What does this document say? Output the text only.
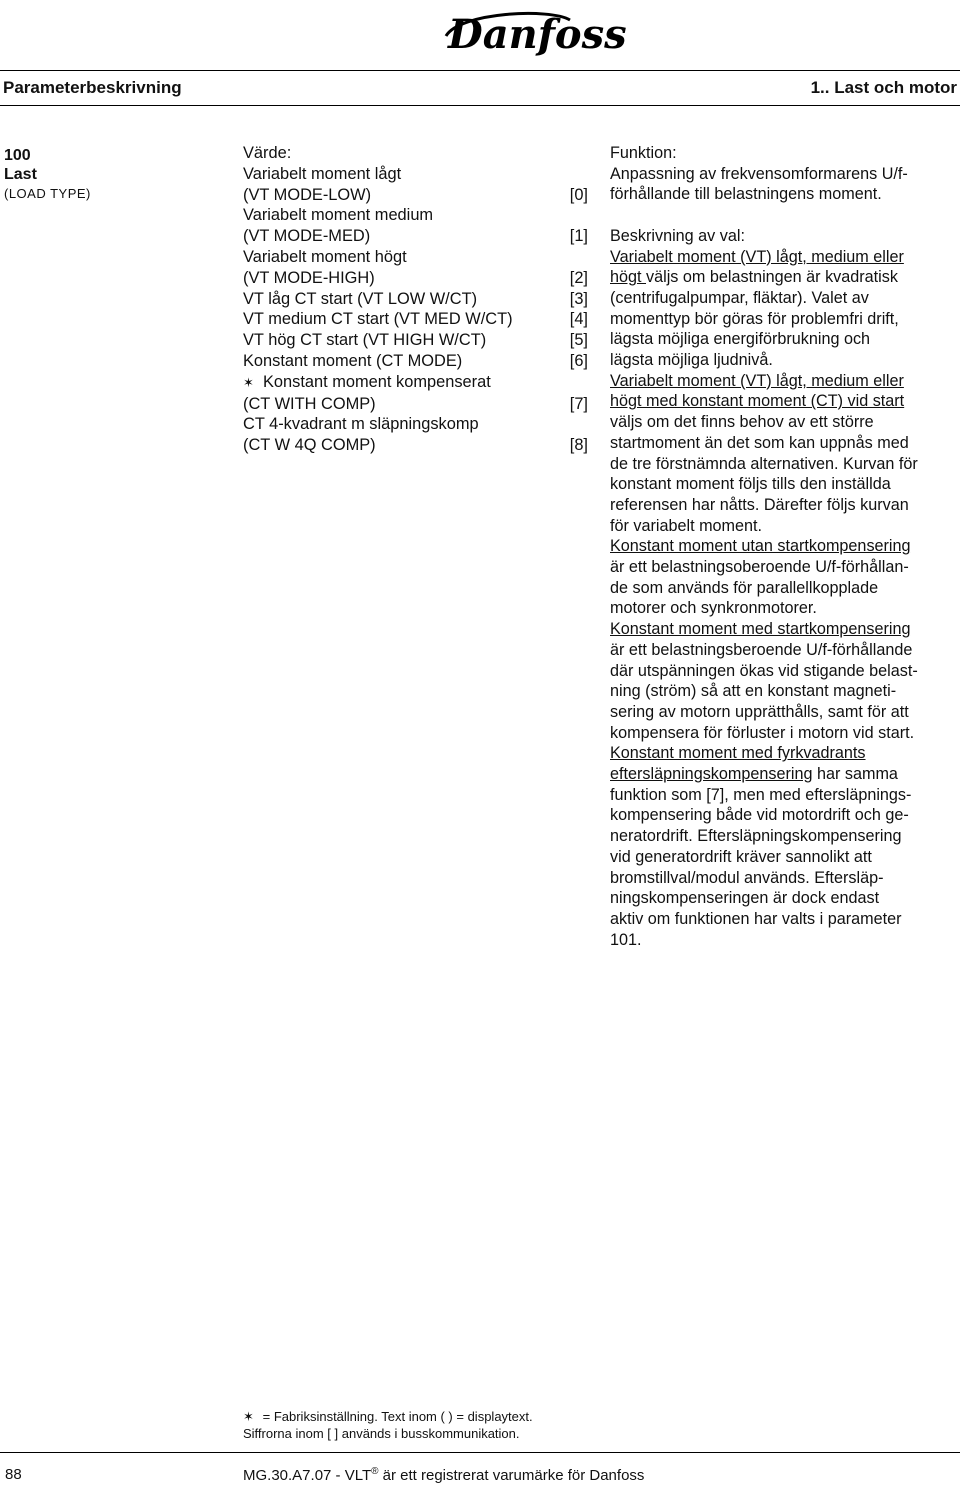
Danfoss
Parameterbeskrivning	1.. Last och motor
100
Last
(LOAD TYPE)
Värde:
Variabelt moment lågt
(VT MODE-LOW)	[0]
Variabelt moment medium
(VT MODE-MED)	[1]
Variabelt moment högt
(VT MODE-HIGH)	[2]
VT låg CT start (VT LOW W/CT)	[3]
VT medium CT start (VT MED W/CT)	[4]
VT hög CT start (VT HIGH W/CT)	[5]
Konstant moment (CT MODE)	[6]
✶ Konstant moment kompenserat
(CT WITH COMP)	[7]
CT 4-kvadrant m släpningskomp
(CT W 4Q COMP)	[8]
Funktion:
Anpassning av frekvensomformarens U/f-
förhållande till belastningens moment.
Beskrivning av val:
Variabelt moment (VT) lågt, medium eller
högt väljs om belastningen är kvadratisk
(centrifugalpumpar, fläktar). Valet av
momenttyp bör göras för problemfri drift,
lägsta möjliga energiförbrukning och
lägsta möjliga ljudnivå.
Variabelt moment (VT) lågt, medium eller
högt med konstant moment (CT) vid start
väljs om det finns behov av ett större
startmoment än det som kan uppnås med
de tre förstnämnda alternativen. Kurvan för
konstant moment följs tills den inställda
referensen har nåtts. Därefter följs kurvan
för variabelt moment.
Konstant moment utan startkompensering
är ett belastningsoberoende U/f-förhållan-
de som används för parallellkopplade
motorer och synkronmotorer.
Konstant moment med startkompensering
är ett belastningsberoende U/f-förhållande
där utspänningen ökas vid stigande belast-
ning (ström) så att en konstant magneti-
sering av motorn upprätthålls, samt för att
kompensera för förluster i motorn vid start.
Konstant moment med fyrkvadrants
eftersläpningskompensering har samma
funktion som [7], men med eftersläpnings-
kompensering både vid motordrift och ge-
neratordrift. Eftersläpningskompensering
vid generatordrift kräver sannolikt att
bromstillval/modul används. Eftersläp-
ningskompenseringen är dock endast
aktiv om funktionen har valts i parameter
101.
✶ = Fabriksinställning. Text inom ( ) = displaytext.
Siffrorna inom [ ] används i busskommunikation.
88	MG.30.A7.07 - VLT® är ett registrerat varumärke för Danfoss
